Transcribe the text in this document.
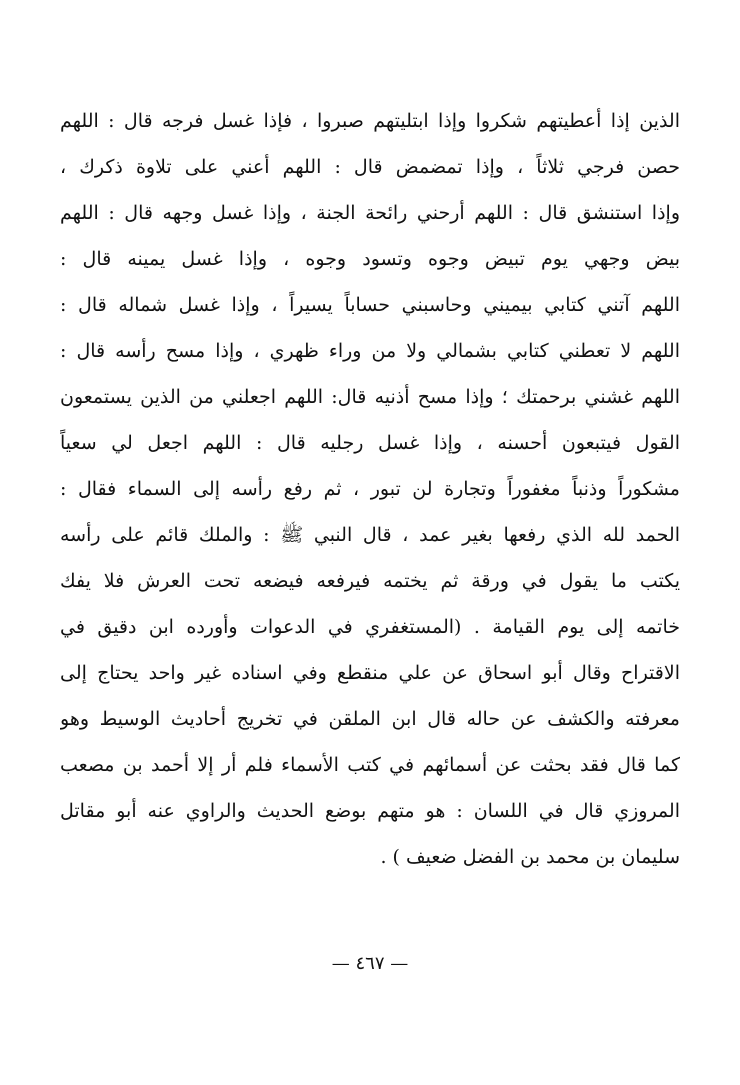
الذين إذا أعطيتهم شكروا وإذا ابتليتهم صبروا ، فإذا غسل فرجه قال : اللهم
حصن فرجي ثلاثاً ، وإذا تمضمض قال : اللهم أعني على تلاوة ذكرك ،
وإذا استنشق قال : اللهم أرحني رائحة الجنة ، وإذا غسل وجهه قال : اللهم
بيض وجهي يوم تبيض وجوه وتسود وجوه ، وإذا غسل يمينه قال :
اللهم آتني كتابي بيميني وحاسبني حساباً يسيراً ، وإذا غسل شماله قال :
اللهم لا تعطني كتابي بشمالي ولا من وراء ظهري ، وإذا مسح رأسه قال :
اللهم غشني برحمتك ؛ وإذا مسح أذنيه قال: اللهم اجعلني من الذين يستمعون
القول فيتبعون أحسنه ، وإذا غسل رجليه قال : اللهم اجعل لي سعياً
مشكوراً وذنباً مغفوراً وتجارة لن تبور ، ثم رفع رأسه إلى السماء فقال :
الحمد لله الذي رفعها بغير عمد ، قال النبي ﷺ : والملك قائم على رأسه
يكتب ما يقول في ورقة ثم يختمه فيرفعه فيضعه تحت العرش فلا يفك
خاتمه إلى يوم القيامة . (المستغفري في الدعوات وأورده ابن دقيق في
الاقتراح وقال أبو اسحاق عن علي منقطع وفي اسناده غير واحد يحتاج إلى
معرفته والكشف عن حاله قال ابن الملقن في تخريج أحاديث الوسيط وهو
كما قال فقد بحثت عن أسمائهم في كتب الأسماء فلم أر إلا أحمد بن مصعب
المروزي قال في اللسان : هو متهم بوضع الحديث والراوي عنه أبو مقاتل
سليمان بن محمد بن الفضل ضعيف ) .
— ٤٦٧ —
